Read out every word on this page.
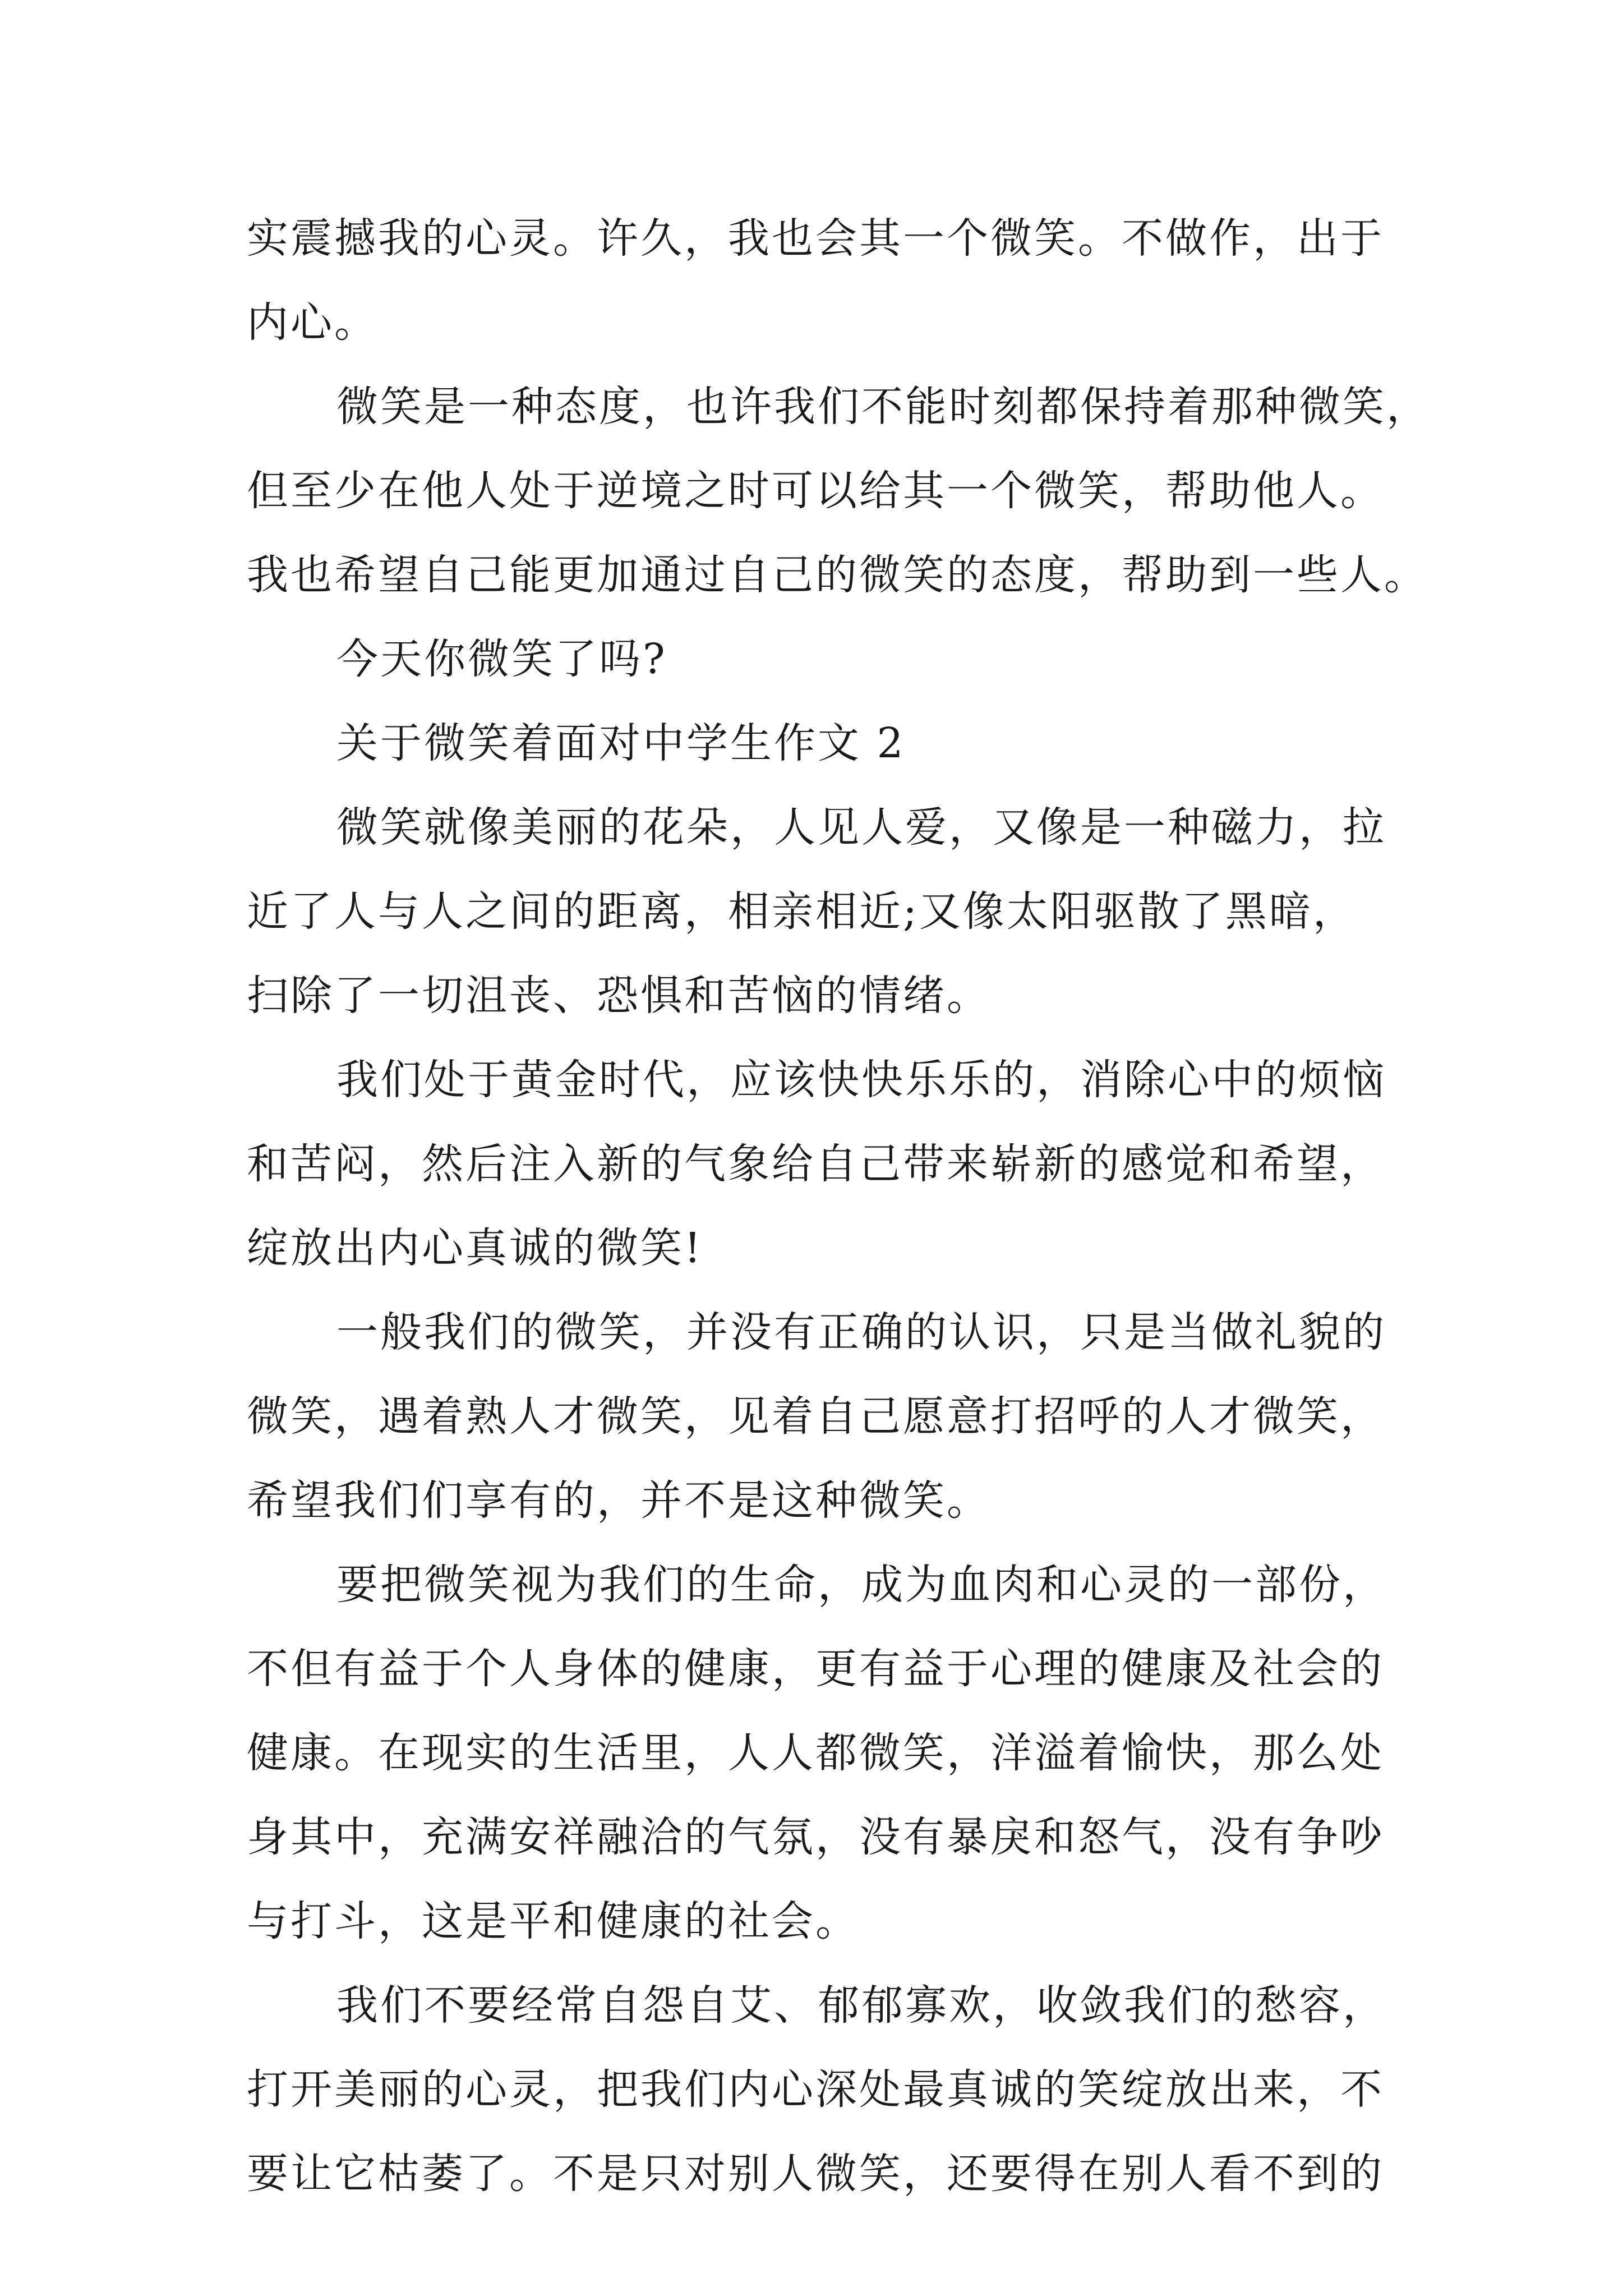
实震撼我的心灵。许久，我也会其一个微笑。不做作，出于
内心。
微笑是一种态度，也许我们不能时刻都保持着那种微笑，
但至少在他人处于逆境之时可以给其一个微笑，帮助他人。
我也希望自己能更加通过自己的微笑的态度，帮助到一些人。
今天你微笑了吗?
关于微笑着面对中学生作文 2
微笑就像美丽的花朵，人见人爱，又像是一种磁力，拉
近了人与人之间的距离，相亲相近;又像太阳驱散了黑暗，
扫除了一切沮丧、恐惧和苦恼的情绪。
我们处于黄金时代，应该快快乐乐的，消除心中的烦恼
和苦闷，然后注入新的气象给自己带来崭新的感觉和希望，
绽放出内心真诚的微笑!
一般我们的微笑，并没有正确的认识，只是当做礼貌的
微笑，遇着熟人才微笑，见着自己愿意打招呼的人才微笑，
希望我们们享有的，并不是这种微笑。
要把微笑视为我们的生命，成为血肉和心灵的一部份，
不但有益于个人身体的健康，更有益于心理的健康及社会的
健康。在现实的生活里，人人都微笑，洋溢着愉快，那么处
身其中，充满安祥融洽的气氛，没有暴戾和怒气，没有争吵
与打斗，这是平和健康的社会。
我们不要经常自怨自艾、郁郁寡欢，收敛我们的愁容，
打开美丽的心灵，把我们内心深处最真诚的笑绽放出来，不
要让它枯萎了。不是只对别人微笑，还要得在别人看不到的
